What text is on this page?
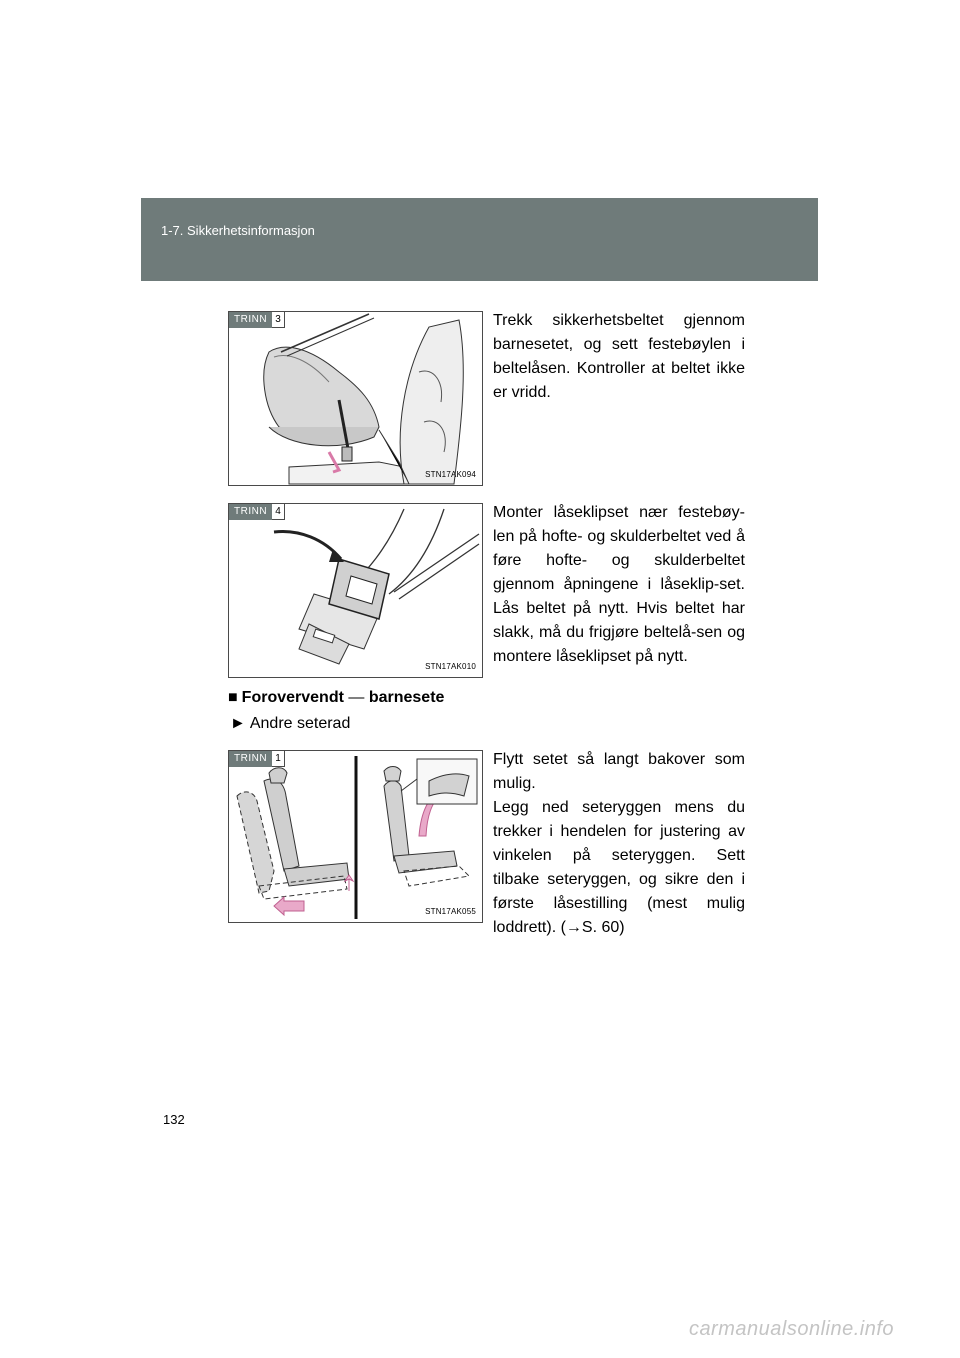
1-7. Sikkerhetsinformasjon
TRINN 3
STN17AK094
Trekk sikkerhetsbeltet gjennom barnesetet, og sett festebøylen i beltelåsen. Kontroller at beltet ikke er vridd.
TRINN 4
STN17AK010
Monter låseklipset nær festebøy-len på hofte- og skulderbeltet ved å føre hofte- og skulderbeltet gjennom åpningene i låseklip-set. Lås beltet på nytt. Hvis beltet har slakk, må du frigjøre beltelå-sen og montere låseklipset på nytt.
■ Forovervendt — barnesete
► Andre seterad
TRINN 1
STN17AK055
Flytt setet så langt bakover som mulig.
Legg ned seteryggen mens du trekker i hendelen for justering av vinkelen på seteryggen. Sett tilbake seteryggen, og sikre den i første låsestilling (mest mulig loddrett). (→S. 60)
132
carmanualsonline.info
